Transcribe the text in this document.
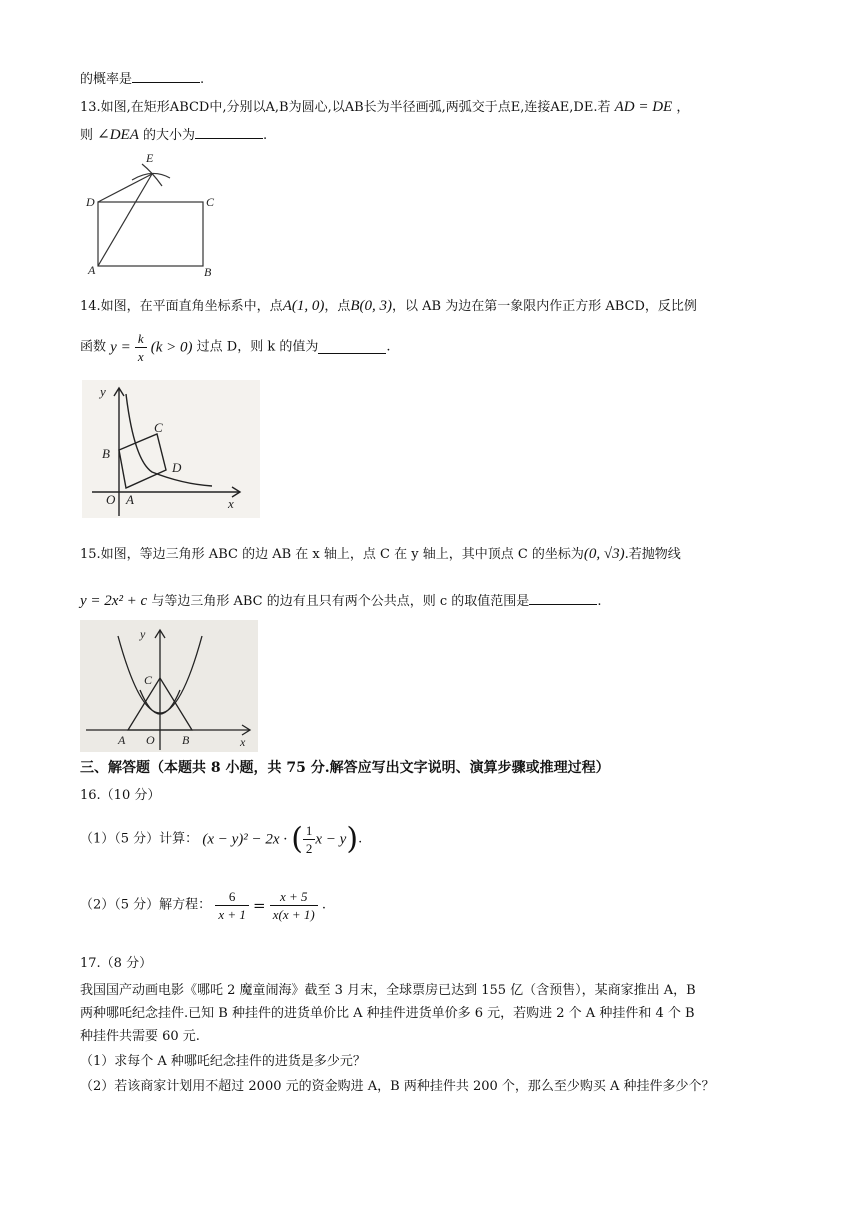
的概率是	.
13.如图,在矩形ABCD中,分别以A,B为圆心,以AB长为半径画弧,两弧交于点E,连接AE,DE.若 AD = DE ，
则 ∠DEA 的大小为	.
E
D	C
A	B
14.如图，在平面直角坐标系中，点A(1, 0)，点B(0, 3)，以 AB 为边在第一象限内作正方形 ABCD，反比例
函数 $y = \frac{k}{x} (k > 0)$ 过点 D，则 k 的值为	.
y
x
O A
B
C
D
15.如图，等边三角形 ABC 的边 AB 在 x 轴上，点 C 在 y 轴上，其中顶点 C 的坐标为(0, √3).若抛物线
y = 2x² + c 与等边三角形 ABC 的边有且只有两个公共点，则 c 的取值范围是	.
y
x
O
A	B
C
三、解答题（本题共 8 小题，共 75 分.解答应写出文字说明、演算步骤或推理过程）
16.（10 分）
（1）（5 分）计算： (x − y)² − 2x · ( $\frac{1}{2}$ x − y).
（2）（5 分）解方程： $\frac{6}{x + 1} = \frac{x + 5}{x(x + 1)}$ .
17.（8 分）
我国国产动画电影《哪吒 2 魔童闹海》截至 3 月末，全球票房已达到 155 亿（含预售），某商家推出 A，B
两种哪吒纪念挂件.已知 B 种挂件的进货单价比 A 种挂件进货单价多 6 元，若购进 2 个 A 种挂件和 4 个 B
种挂件共需要 60 元.
（1）求每个 A 种哪吒纪念挂件的进货是多少元？
（2）若该商家计划用不超过 2000 元的资金购进 A，B 两种挂件共 200 个，那么至少购买 A 种挂件多少个？
